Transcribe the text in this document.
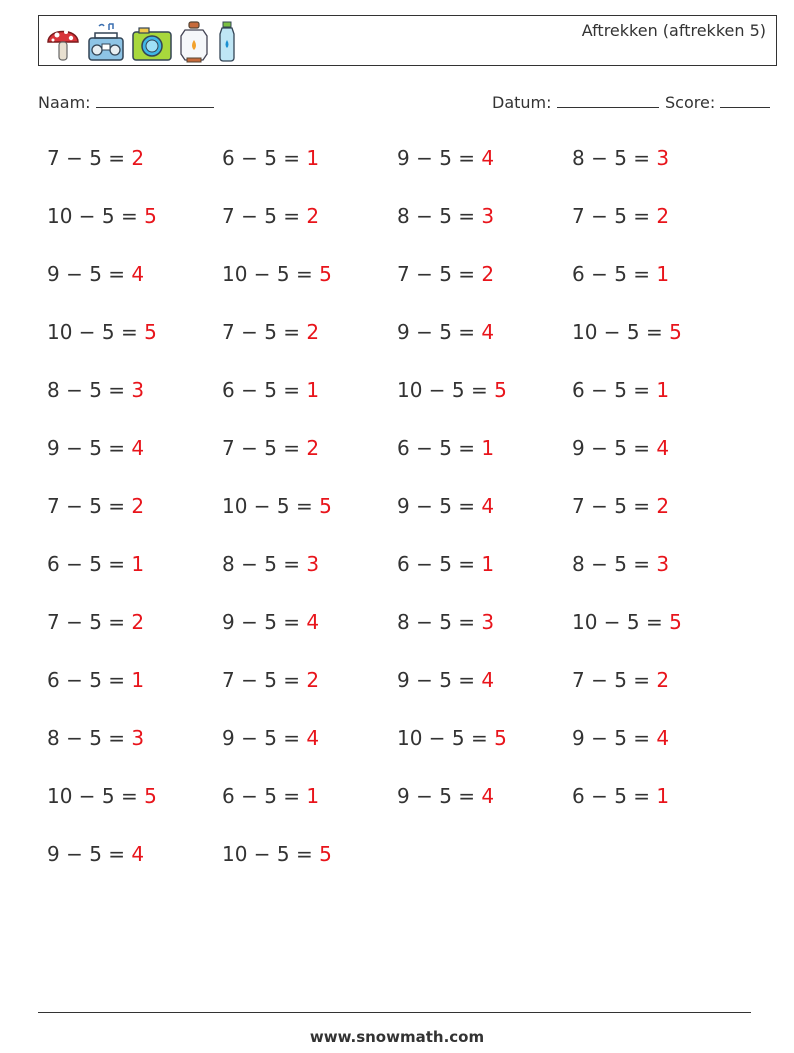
Aftrekken (aftrekken 5)
Naam:	Datum:	Score:
7 − 5 = 2	6 − 5 = 1	9 − 5 = 4	8 − 5 = 3
10 − 5 = 5	7 − 5 = 2	8 − 5 = 3	7 − 5 = 2
9 − 5 = 4	10 − 5 = 5	7 − 5 = 2	6 − 5 = 1
10 − 5 = 5	7 − 5 = 2	9 − 5 = 4	10 − 5 = 5
8 − 5 = 3	6 − 5 = 1	10 − 5 = 5	6 − 5 = 1
9 − 5 = 4	7 − 5 = 2	6 − 5 = 1	9 − 5 = 4
7 − 5 = 2	10 − 5 = 5	9 − 5 = 4	7 − 5 = 2
6 − 5 = 1	8 − 5 = 3	6 − 5 = 1	8 − 5 = 3
7 − 5 = 2	9 − 5 = 4	8 − 5 = 3	10 − 5 = 5
6 − 5 = 1	7 − 5 = 2	9 − 5 = 4	7 − 5 = 2
8 − 5 = 3	9 − 5 = 4	10 − 5 = 5	9 − 5 = 4
10 − 5 = 5	6 − 5 = 1	9 − 5 = 4	6 − 5 = 1
9 − 5 = 4	10 − 5 = 5
www.snowmath.com
